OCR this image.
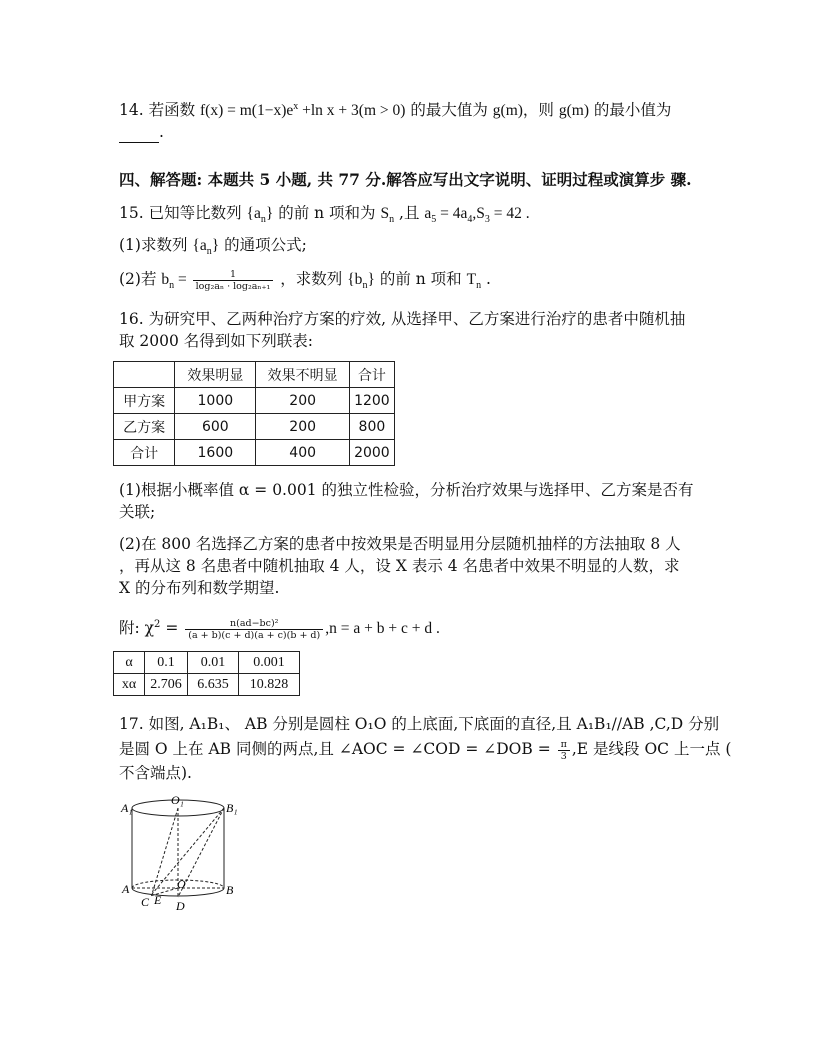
14. 若函数 $f(x) = m(1-x)e^x +\ln$ x + 3(m > 0) 的最大值为 g(m)，则 g(m) 的最小值为
.
四、解答题: 本题共 5 小题, 共 77 分.解答应写出文字说明、证明过程或演算步 骤.
15. 已知等比数列 $\{a_n\}$ 的前 n 项和为 $S_n$ ,且 $a_5 = 4a_4,S_3 = 42$ .
(1)求数列 $\{a_n\}$ 的通项公式;
(2)若 $b_n = \frac{1}{\text{log₂aₙ · log₂aₙ₊₁}}$ ，求数列 $\{b_n\}$ 的前 n 项和 $T_n$ .
16. 为研究甲、乙两种治疗方案的疗效, 从选择甲、乙方案进行治疗的患者中随机抽
取 2000 名得到如下列联表:
	效果明显	效果不明显	合计
甲方案	1000	200	1200
乙方案	600	200	800
合计	1600	400	2000
(1)根据小概率值 α = 0.001 的独立性检验，分析治疗效果与选择甲、乙方案是否有
关联;
(2)在 800 名选择乙方案的患者中按效果是否明显用分层随机抽样的方法抽取 8 人
，再从这 8 名患者中随机抽取 4 人，设 X 表示 4 名患者中效果不明显的人数，求
X 的分布列和数学期望.
附: $\chi^2 = \frac{\text{n(ad−bc)²}}{(a + b)(c + d)(a + c)(b + d)} ,n = a + b + c + d$ .
α	0.1	0.01	0.001
xα	2.706	6.635	10.828
17. 如图, A₁B₁、 AB 分别是圆柱 O₁O 的上底面,下底面的直径,且 A₁B₁//AB ,C,D 分别
是圆 O 上在 AB 同侧的两点,且 ∠AOC = ∠COD = ∠DOB = $\frac{\pi}{3} ,E$ 是线段 OC 上一点 (
不含端点).
A₁
O₁
B₁
A	O	B
C E D
